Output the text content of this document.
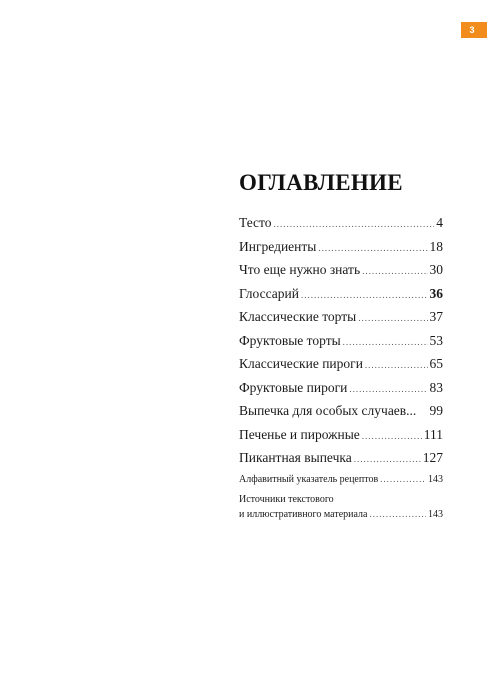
3
ОГЛАВЛЕНИЕ
Тесто .....	4
Ингредиенты .....	18
Что еще нужно знать .....	30
Глоссарий .....	36
Классические торты .....	37
Фруктовые торты .....	53
Классические пироги .....	65
Фруктовые пироги .....	83
Выпечка для особых случаев... 99
Печенье и пирожные .....	111
Пикантная выпечка .....	127
Алфавитный указатель рецептов .....	143
Источники текстового
и иллюстративного материала .....	143
